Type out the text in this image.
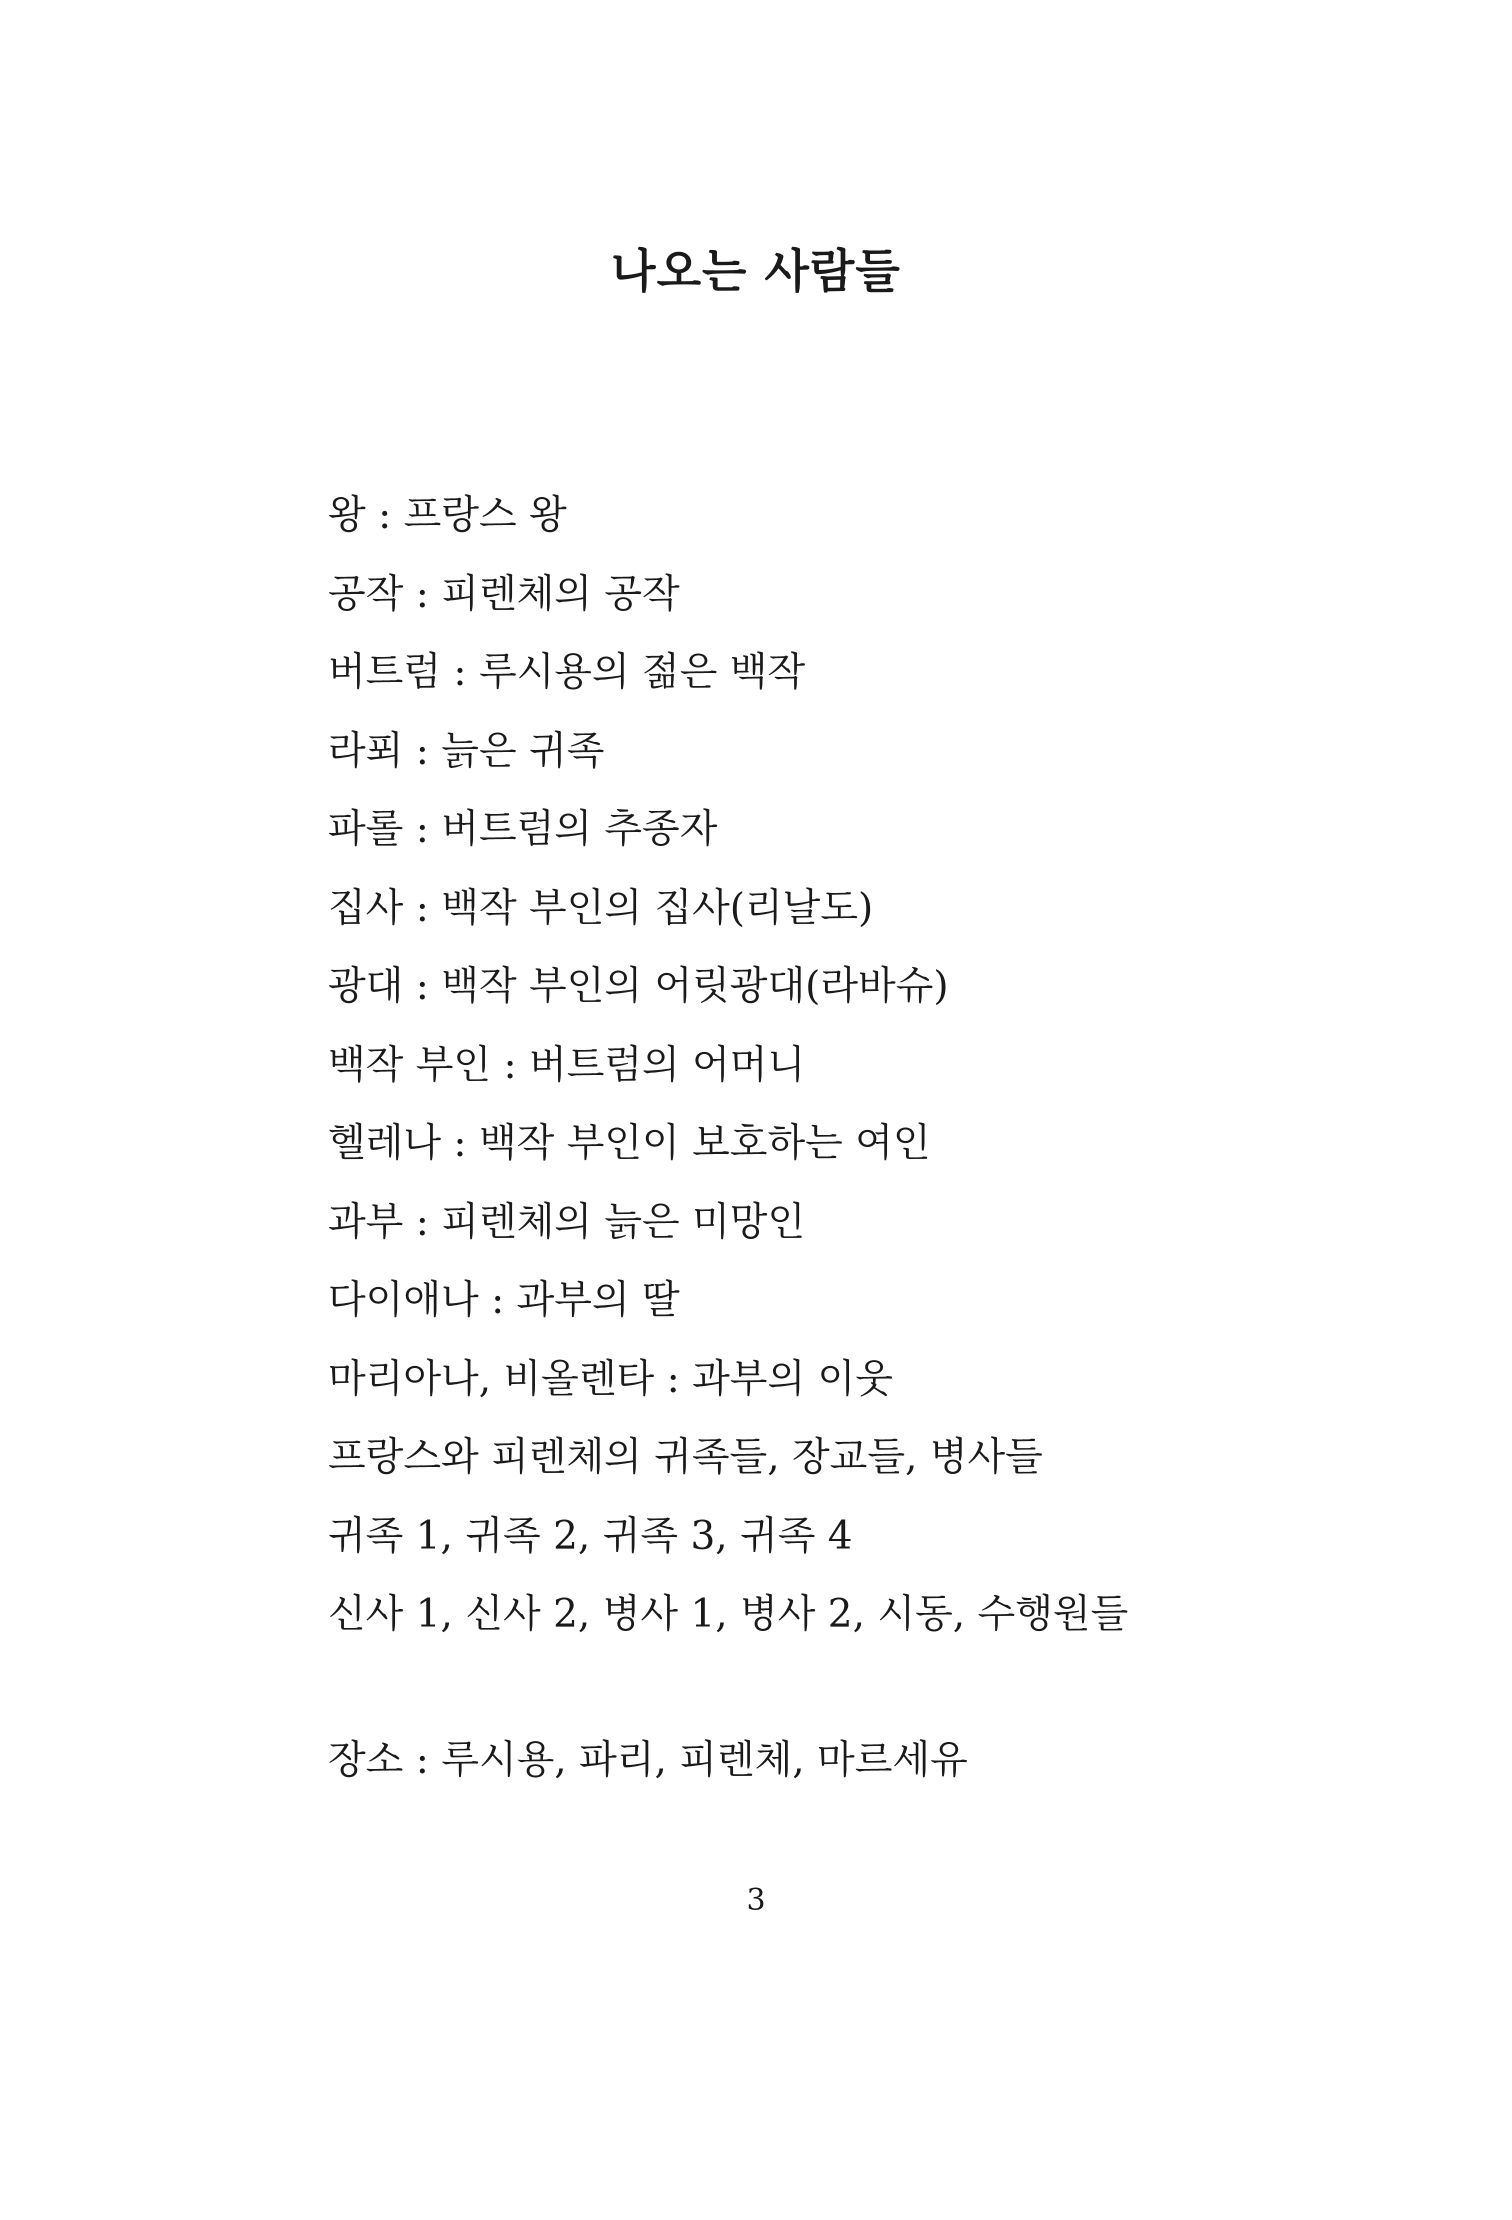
나오는 사람들
왕 : 프랑스 왕
공작 : 피렌체의 공작
버트럼 : 루시용의 젊은 백작
라푀 : 늙은 귀족
파롤 : 버트럼의 추종자
집사 : 백작 부인의 집사(리날도)
광대 : 백작 부인의 어릿광대(라바슈)
백작 부인 : 버트럼의 어머니
헬레나 : 백작 부인이 보호하는 여인
과부 : 피렌체의 늙은 미망인
다이애나 : 과부의 딸
마리아나, 비올렌타 : 과부의 이웃
프랑스와 피렌체의 귀족들, 장교들, 병사들
귀족 1, 귀족 2, 귀족 3, 귀족 4
신사 1, 신사 2, 병사 1, 병사 2, 시동, 수행원들
장소 : 루시용, 파리, 피렌체, 마르세유
3
